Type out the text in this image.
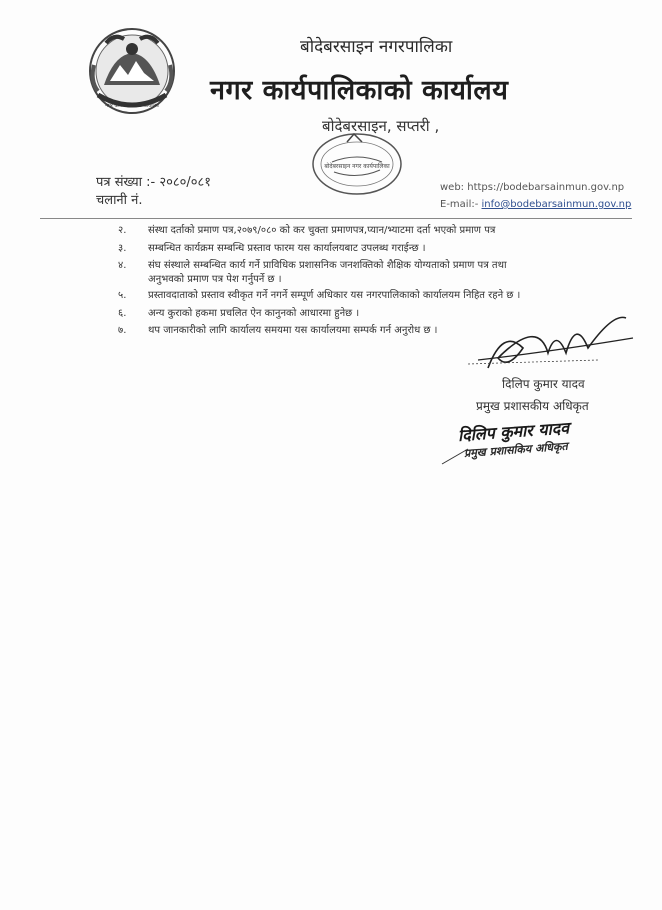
नगर कार्यपालिकाको कार्यालय
बोदेबरसाइन नगरपालिका
नगर कार्यपालिकाको कार्यालय
बोदेबरसाइन नगर कार्यपालिका
बोदेबरसाइन, सप्तरी ,
पत्र संख्या :- २०८०/०८१
चलानी नं.
web: https://bodebarsainmun.gov.np
E-mail:- info@bodebarsainmun.gov.np
२. संस्था दर्ताको प्रमाण पत्र,२०७९/०८० को कर चुक्ता प्रमाणपत्र,प्यान/भ्याटमा दर्ता भएको प्रमाण पत्र
३. सम्बन्धित कार्यक्रम सम्बन्धि प्रस्ताव फारम यस कार्यालयबाट उपलब्ध गराईन्छ ।
४. संघ संस्थाले सम्बन्धित कार्य गर्ने प्राविधिक प्रशासनिक जनशक्तिको शैक्षिक योग्यताको प्रमाण पत्र तथा
अनुभवको प्रमाण पत्र पेश गर्नुपर्ने छ ।
५. प्रस्तावदाताको प्रस्ताव स्वीकृत गर्ने नगर्ने सम्पूर्ण अधिकार यस नगरपालिकाको कार्यालयम निहित रहने छ ।
६. अन्य कुराको हकमा प्रचलित ऐन कानुनको आधारमा हुनेछ ।
७. थप जानकारीको लागि कार्यालय समयमा यस कार्यालयमा सम्पर्क गर्न अनुरोध छ ।
दिलिप कुमार यादव
प्रमुख प्रशासकीय अधिकृत
दिलिप कुमार यादव
प्रमुख प्रशासकिय अधिकृत
